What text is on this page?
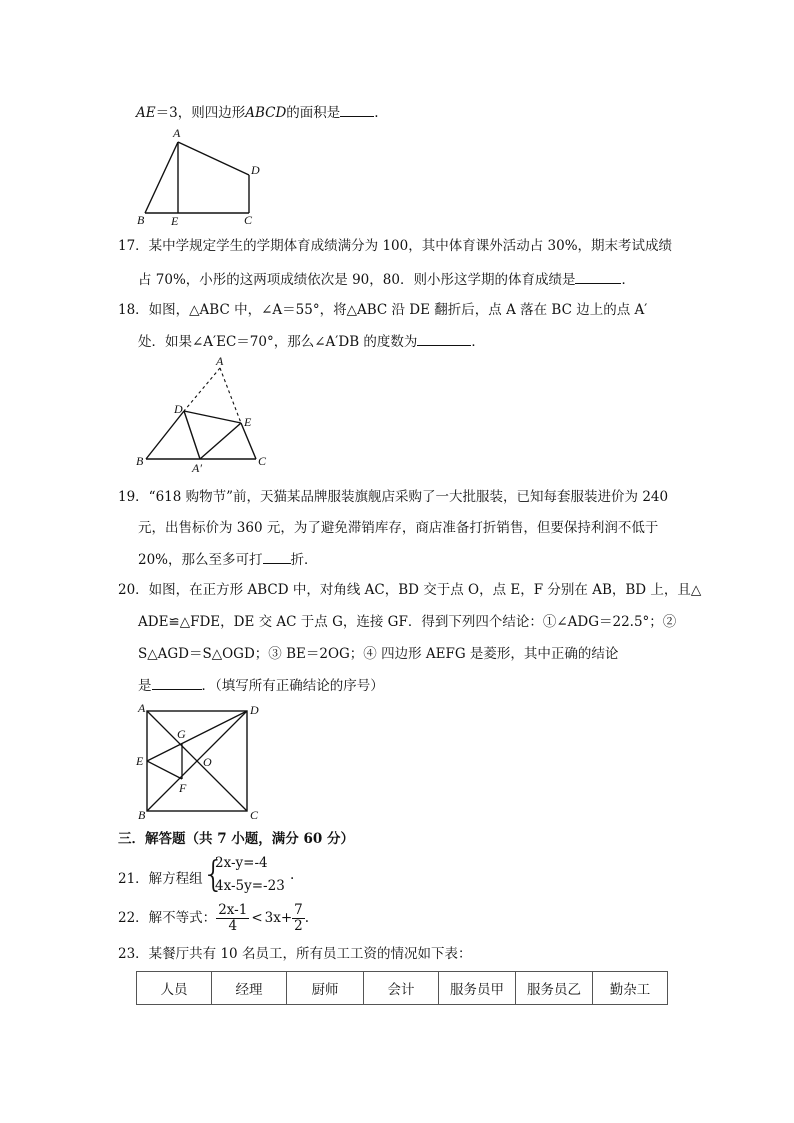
AE＝3，则四边形ABCD的面积是	.
A
D
B E	C
17．某中学规定学生的学期体育成绩满分为 100，其中体育课外活动占 30%，期末考试成绩
占 70%，小彤的这两项成绩依次是 90，80．则小彤这学期的体育成绩是	．
18．如图，△ABC 中，∠A＝55°，将△ABC 沿 DE 翻折后，点 A 落在 BC 边上的点 A′
处．如果∠A′EC＝70°，那么∠A′DB 的度数为	．
A
D
E
B	C
A′
19．“618 购物节”前，天猫某品牌服装旗舰店采购了一大批服装，已知每套服装进价为 240
元，出售标价为 360 元，为了避免滞销库存，商店准备打折销售，但要保持利润不低于
20%，那么至多可打 折．
20．如图，在正方形 ABCD 中，对角线 AC，BD 交于点 O，点 E，F 分别在 AB，BD 上，且△
ADE≌△FDE，DE 交 AC 于点 G，连接 GF．得到下列四个结论：①∠ADG＝22.5°；②
S△AGD＝S△OGD；③ BE＝2OG；④ 四边形 AEFG 是菱形，其中正确的结论
是	．（填写所有正确结论的序号）
A	D
E
G
O
F
B	C
三．解答题（共 7 小题，满分 60 分）
21．解方程组 {
2x-y=-4
4x-5y=-23
.
22．解不等式： $\frac{2x-1}{4} < 3x+ \frac{7}{2}$ .
23．某餐厅共有 10 名员工，所有员工工资的情况如下表：
人员	经理	厨师	会计	服务员甲	服务员乙	勤杂工
